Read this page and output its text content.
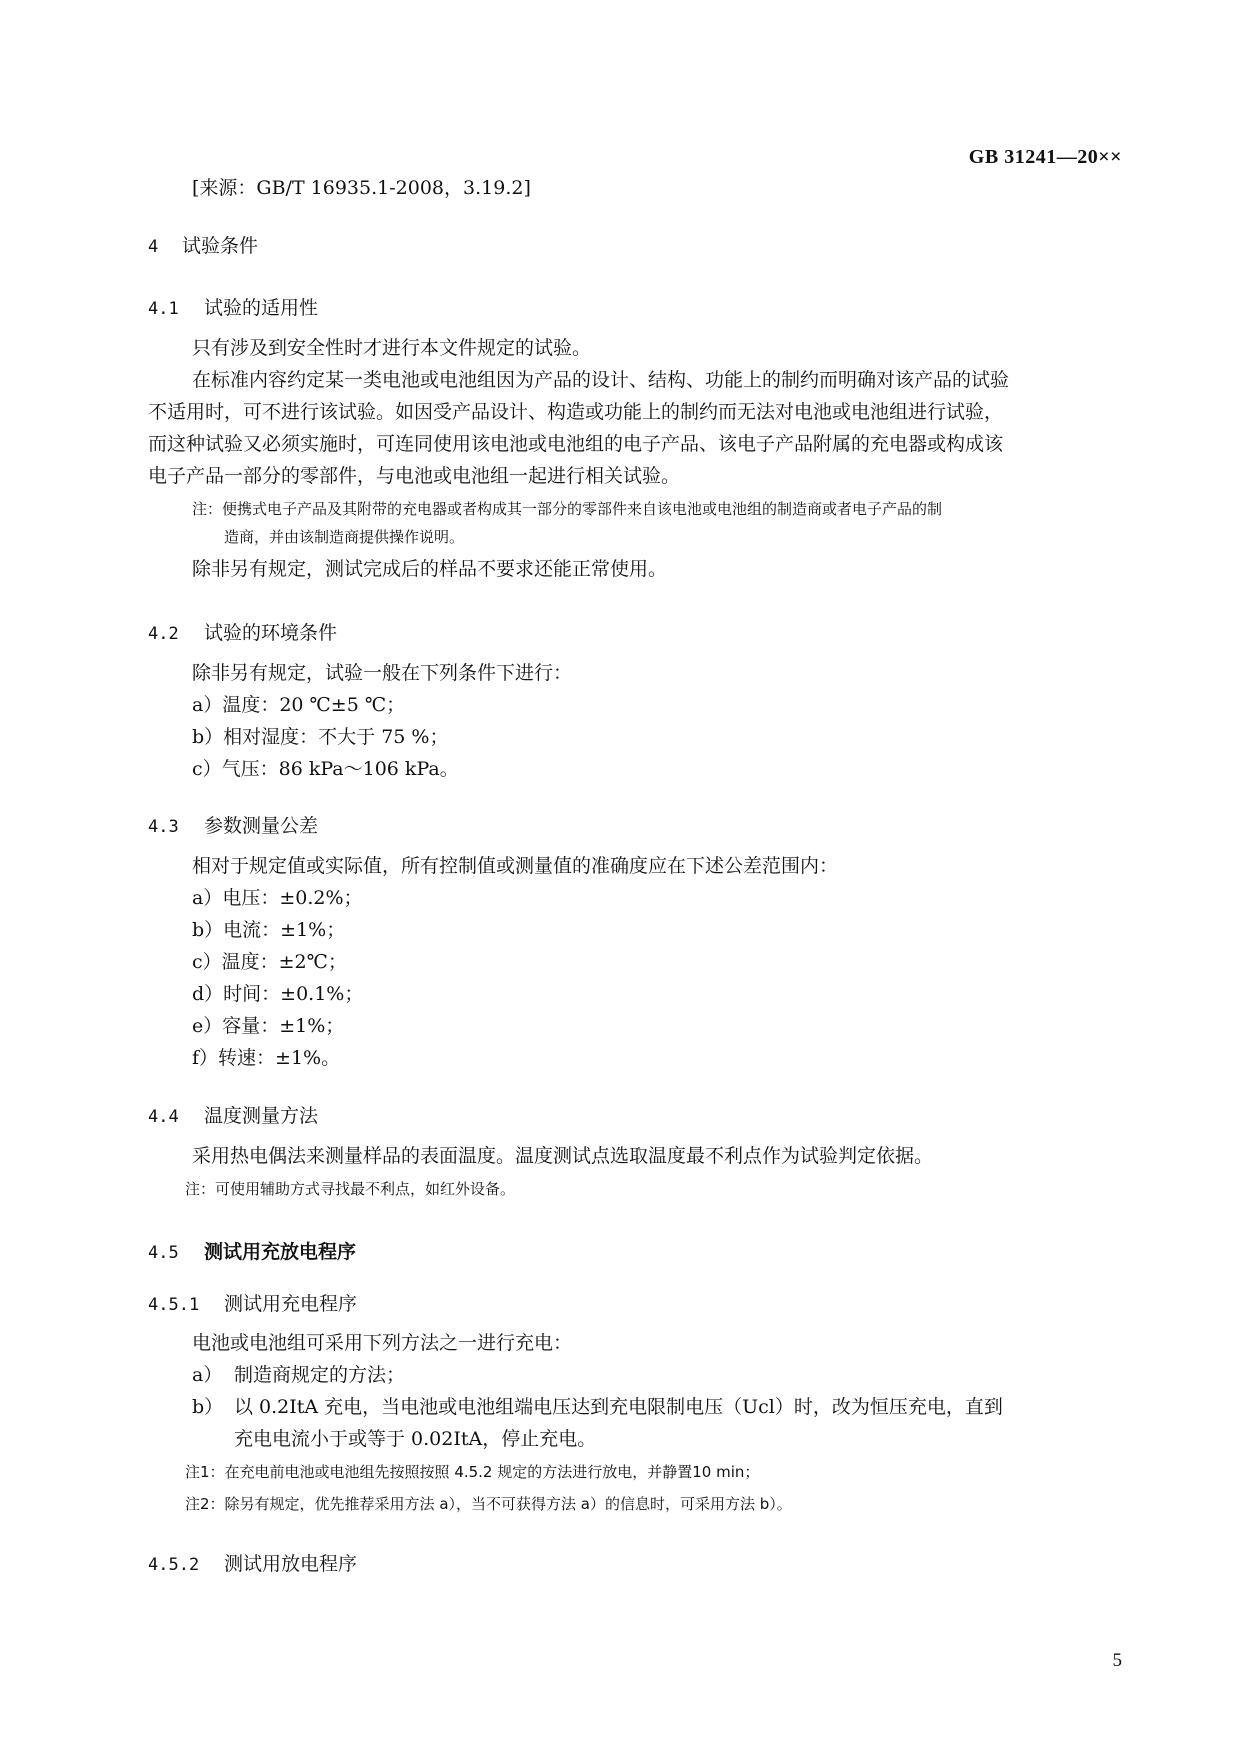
GB 31241—20××
[来源：GB/T 16935.1-2008，3.19.2]
4 试验条件
4.1 试验的适用性
只有涉及到安全性时才进行本文件规定的试验。
在标准内容约定某一类电池或电池组因为产品的设计、结构、功能上的制约而明确对该产品的试验
不适用时，可不进行该试验。如因受产品设计、构造或功能上的制约而无法对电池或电池组进行试验，
而这种试验又必须实施时，可连同使用该电池或电池组的电子产品、该电子产品附属的充电器或构成该
电子产品一部分的零部件，与电池或电池组一起进行相关试验。
注：便携式电子产品及其附带的充电器或者构成其一部分的零部件来自该电池或电池组的制造商或者电子产品的制
造商，并由该制造商提供操作说明。
除非另有规定，测试完成后的样品不要求还能正常使用。
4.2 试验的环境条件
除非另有规定，试验一般在下列条件下进行：
a）温度：20 ℃±5 ℃；
b）相对湿度：不大于 75 %；
c）气压：86 kPa～106 kPa。
4.3 参数测量公差
相对于规定值或实际值，所有控制值或测量值的准确度应在下述公差范围内：
a）电压：±0.2%；
b）电流：±1%；
c）温度：±2℃；
d）时间：±0.1%；
e）容量：±1%；
f）转速：±1%。
4.4 温度测量方法
采用热电偶法来测量样品的表面温度。温度测试点选取温度最不利点作为试验判定依据。
注：可使用辅助方式寻找最不利点，如红外设备。
4.5 测试用充放电程序
4.5.1 测试用充电程序
电池或电池组可采用下列方法之一进行充电：
a） 制造商规定的方法；
b） 以 0.2ItA 充电，当电池或电池组端电压达到充电限制电压（Ucl）时，改为恒压充电，直到
充电电流小于或等于 0.02ItA，停止充电。
注1：在充电前电池或电池组先按照按照 4.5.2 规定的方法进行放电，并静置10 min；
注2：除另有规定，优先推荐采用方法 a），当不可获得方法 a）的信息时，可采用方法 b）。
4.5.2 测试用放电程序
5
